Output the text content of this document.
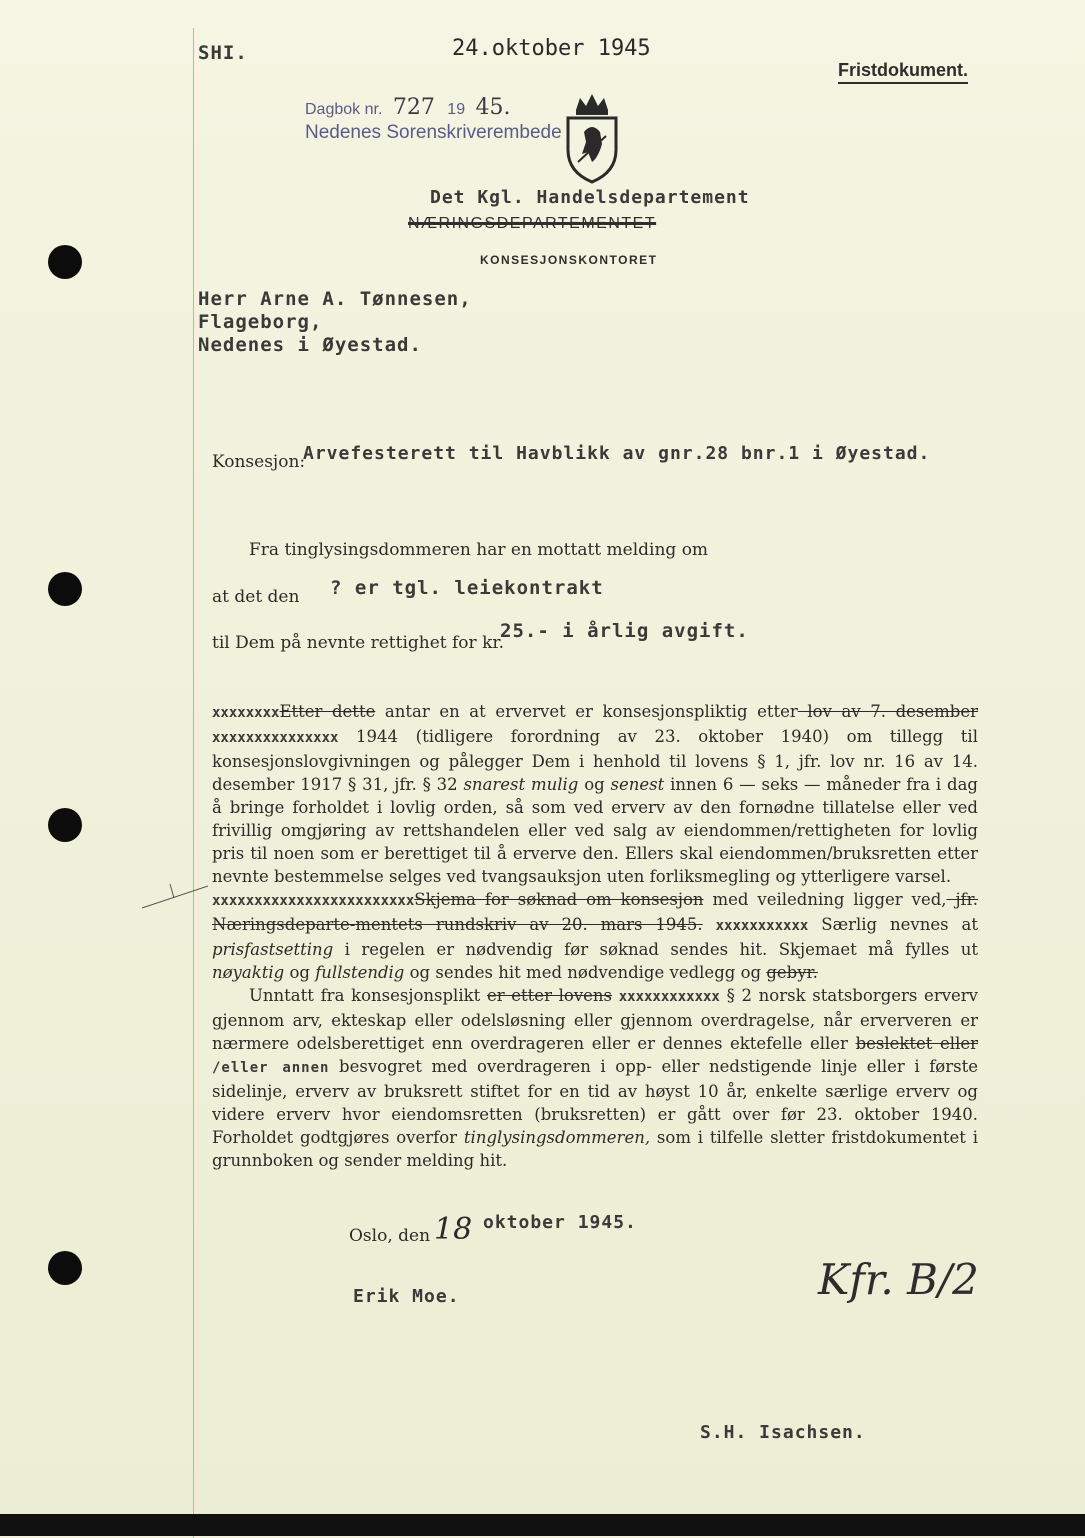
SHI.	24.oktober 1945
Fristdokument.
Dagbok nr. 727 19 45.
Nedenes Sorenskriverembede
Det Kgl. Handelsdepartement
NÆRINGSDEPARTEMENTET
KONSESJONSKONTORET
Herr Arne A. Tønnesen,
Flageborg,
Nedenes i Øyestad.
Konsesjon:
Arvefesterett til Havblikk av gnr.28 bnr.1 i Øyestad.
Fra tinglysingsdommeren har en mottatt melding om
at det den ? er tgl. leiekontrakt
til Dem på nevnte rettighet for kr.
25.- i årlig avgift.

xxxxxxxxEtter dette antar en at ervervet er konsesjonspliktig etter lov av 7. desember xxxxxxxxxxxxxxx 1944 (tidligere forordning av 23. oktober 1940) om tillegg til konsesjonslovgivningen og pålegger Dem i henhold til lovens § 1, jfr. lov nr. 16 av 14. desember 1917 § 31, jfr. § 32 snarest mulig og senest innen 6 — seks — måneder fra i dag å bringe forholdet i lovlig orden, så som ved erverv av den fornødne tillatelse eller ved frivillig omgjøring av rettshandelen eller ved salg av eiendommen/rettigheten for lovlig pris til noen som er berettiget til å erverve den. Ellers skal eiendommen/bruksretten etter nevnte bestemmelse selges ved tvangsauksjon uten forliksmegling og ytterligere varsel.

xxxxxxxxxxxxxxxxxxxxxxxxSkjema for søknad om konsesjon med veiledning ligger ved, jfr. Næringsdeparte-mentets rundskriv av 20. mars 1945. xxxxxxxxxxx Særlig nevnes at prisfastsetting i regelen er nødvendig før søknad sendes hit. Skjemaet må fylles ut nøyaktig og fullstendig og sendes hit med nødvendige vedlegg og gebyr.

Unntatt fra konsesjonsplikt er etter lovens xxxxxxxxxxxx § 2 norsk statsborgers erverv gjennom arv, ekteskap eller odelsløsning eller gjennom overdragelse, når erververen er nærmere odelsberettiget enn overdrageren eller er dennes ektefelle eller beslektet eller /eller annen besvogret med overdrageren i opp- eller nedstigende linje eller i første sidelinje, erverv av bruksrett stiftet for en tid av høyst 10 år, enkelte særlige erverv og videre erverv hvor eiendomsretten (bruksretten) er gått over før 23. oktober 1940. Forholdet godtgjøres overfor tinglysingsdommeren, som i tilfelle sletter fristdokumentet i grunnboken og sender melding hit.

Oslo, den 18 oktober 1945.
Erik Moe.	Kfr. B/2
S.H. Isachsen.
